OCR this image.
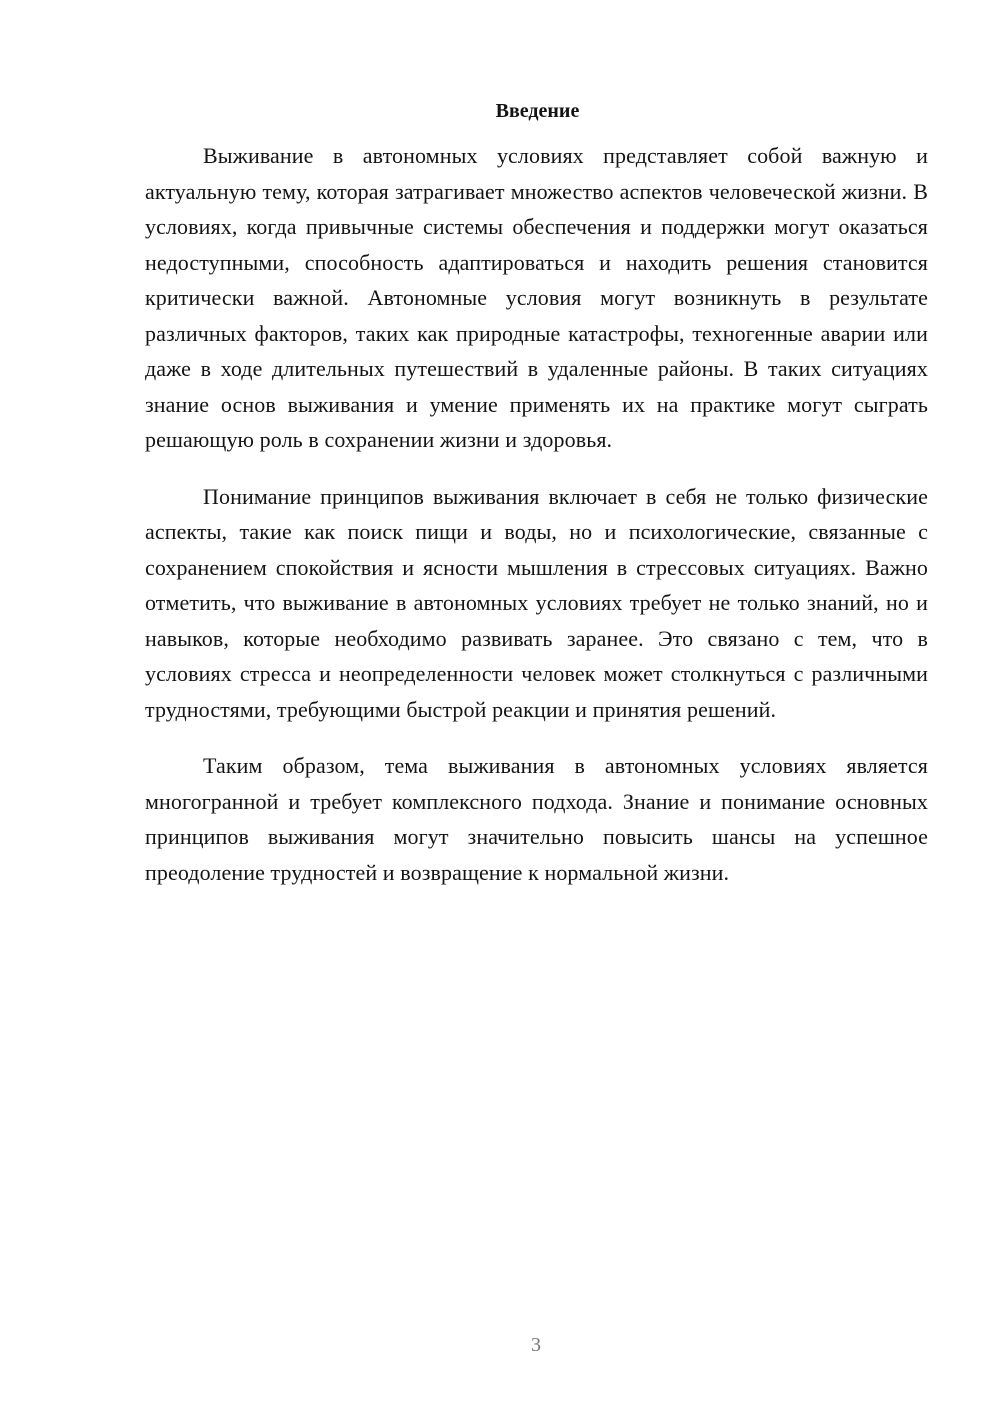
Введение

Выживание в автономных условиях представляет собой важную и актуальную тему, которая затрагивает множество аспектов человеческой жизни. В условиях, когда привычные системы обеспечения и поддержки могут оказаться недоступными, способность адаптироваться и находить решения становится критически важной. Автономные условия могут возникнуть в результате различных факторов, таких как природные катастрофы, техногенные аварии или даже в ходе длительных путешествий в удаленные районы. В таких ситуациях знание основ выживания и умение применять их на практике могут сыграть решающую роль в сохранении жизни и здоровья.

Понимание принципов выживания включает в себя не только физические аспекты, такие как поиск пищи и воды, но и психологические, связанные с сохранением спокойствия и ясности мышления в стрессовых ситуациях. Важно отметить, что выживание в автономных условиях требует не только знаний, но и навыков, которые необходимо развивать заранее. Это связано с тем, что в условиях стресса и неопределенности человек может столкнуться с различными трудностями, требующими быстрой реакции и принятия решений.

Таким образом, тема выживания в автономных условиях является многогранной и требует комплексного подхода. Знание и понимание основных принципов выживания могут значительно повысить шансы на успешное преодоление трудностей и возвращение к нормальной жизни.

3
